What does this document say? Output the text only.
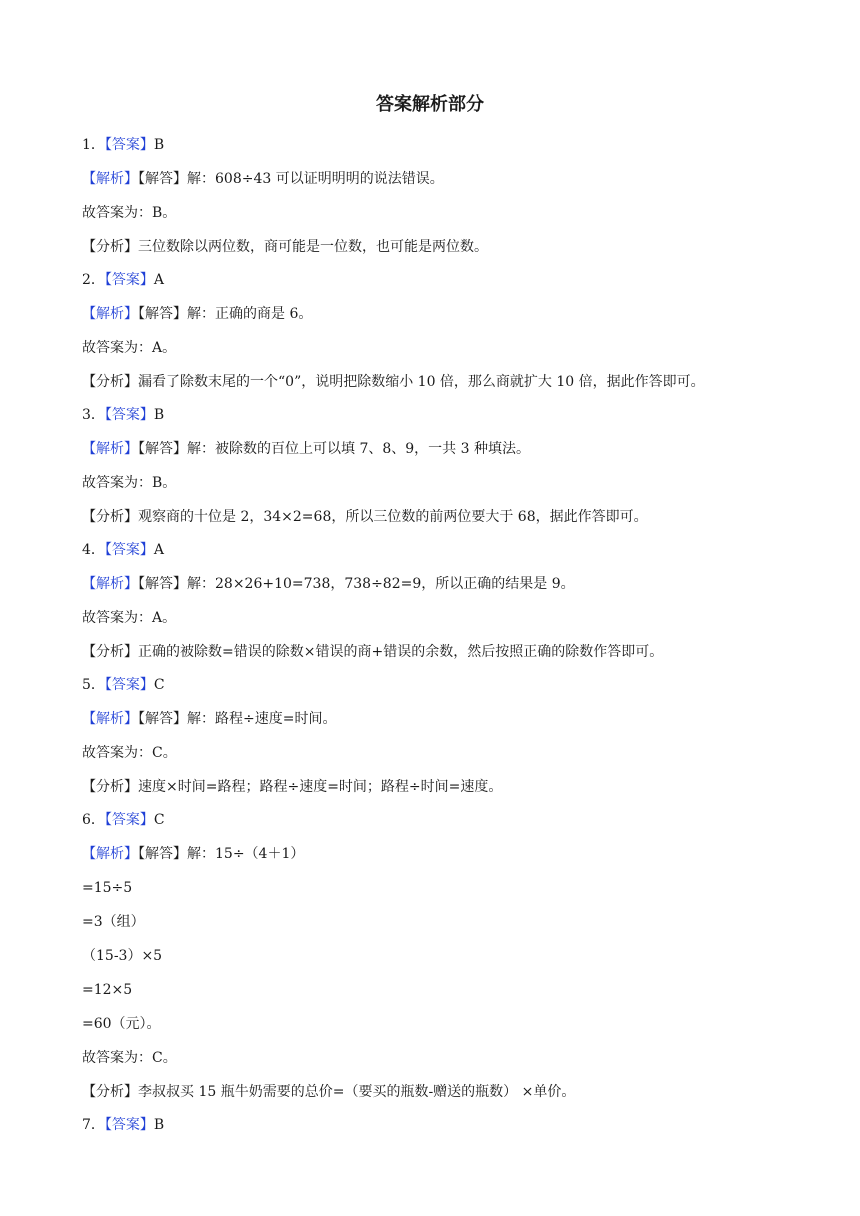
答案解析部分
1．【答案】B
【解析】【解答】解：608÷43 可以证明明明的说法错误。
故答案为：B。
【分析】三位数除以两位数，商可能是一位数，也可能是两位数。
2．【答案】A
【解析】【解答】解：正确的商是 6。
故答案为：A。
【分析】漏看了除数末尾的一个“0”，说明把除数缩小 10 倍，那么商就扩大 10 倍，据此作答即可。
3．【答案】B
【解析】【解答】解：被除数的百位上可以填 7、8、9，一共 3 种填法。
故答案为：B。
【分析】观察商的十位是 2，34×2=68，所以三位数的前两位要大于 68，据此作答即可。
4．【答案】A
【解析】【解答】解：28×26+10=738，738÷82=9，所以正确的结果是 9。
故答案为：A。
【分析】正确的被除数=错误的除数×错误的商+错误的余数，然后按照正确的除数作答即可。
5．【答案】C
【解析】【解答】解：路程÷速度=时间。
故答案为：C。
【分析】速度×时间=路程；路程÷速度=时间；路程÷时间=速度。
6．【答案】C
【解析】【解答】解：15÷（4＋1）
=15÷5
=3（组）
（15-3）×5
=12×5
=60（元）。
故答案为：C。
【分析】李叔叔买 15 瓶牛奶需要的总价=（要买的瓶数-赠送的瓶数） ×单价。
7．【答案】B
